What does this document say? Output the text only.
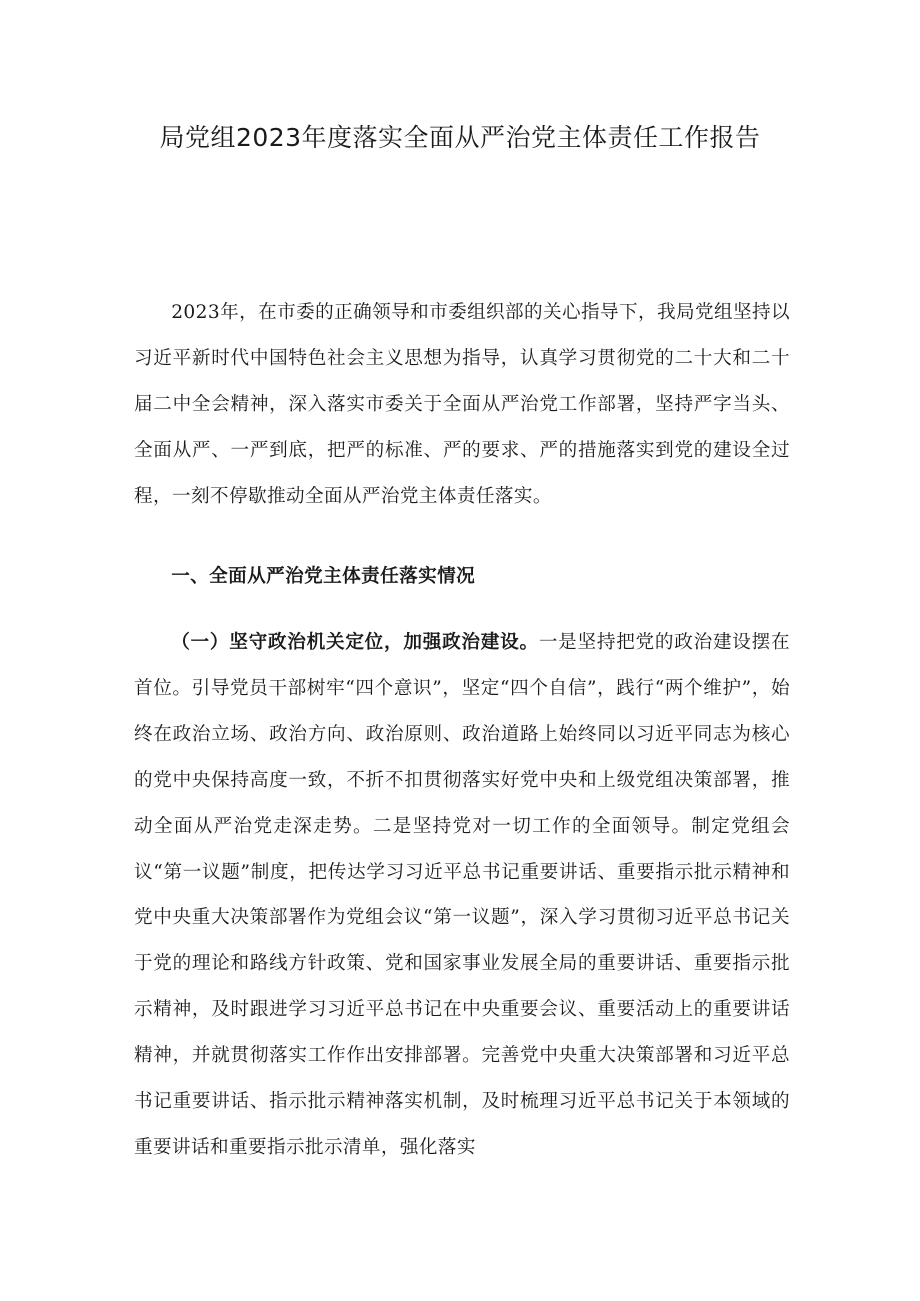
局党组2023年度落实全面从严治党主体责任工作报告
2023年，在市委的正确领导和市委组织部的关心指导下，我局党组坚持以习近平新时代中国特色社会主义思想为指导，认真学习贯彻党的二十大和二十届二中全会精神，深入落实市委关于全面从严治党工作部署，坚持严字当头、全面从严、一严到底，把严的标准、严的要求、严的措施落实到党的建设全过程，一刻不停歇推动全面从严治党主体责任落实。
一、全面从严治党主体责任落实情况
（一）坚守政治机关定位，加强政治建设。一是坚持把党的政治建设摆在首位。引导党员干部树牢“四个意识”，坚定“四个自信”，践行“两个维护”，始终在政治立场、政治方向、政治原则、政治道路上始终同以习近平同志为核心的党中央保持高度一致，不折不扣贯彻落实好党中央和上级党组决策部署，推动全面从严治党走深走势。二是坚持党对一切工作的全面领导。制定党组会议“第一议题”制度，把传达学习习近平总书记重要讲话、重要指示批示精神和党中央重大决策部署作为党组会议“第一议题”，深入学习贯彻习近平总书记关于党的理论和路线方针政策、党和国家事业发展全局的重要讲话、重要指示批示精神，及时跟进学习习近平总书记在中央重要会议、重要活动上的重要讲话精神，并就贯彻落实工作作出安排部署。完善党中央重大决策部署和习近平总书记重要讲话、指示批示精神落实机制，及时梳理习近平总书记关于本领域的重要讲话和重要指示批示清单，强化落实
